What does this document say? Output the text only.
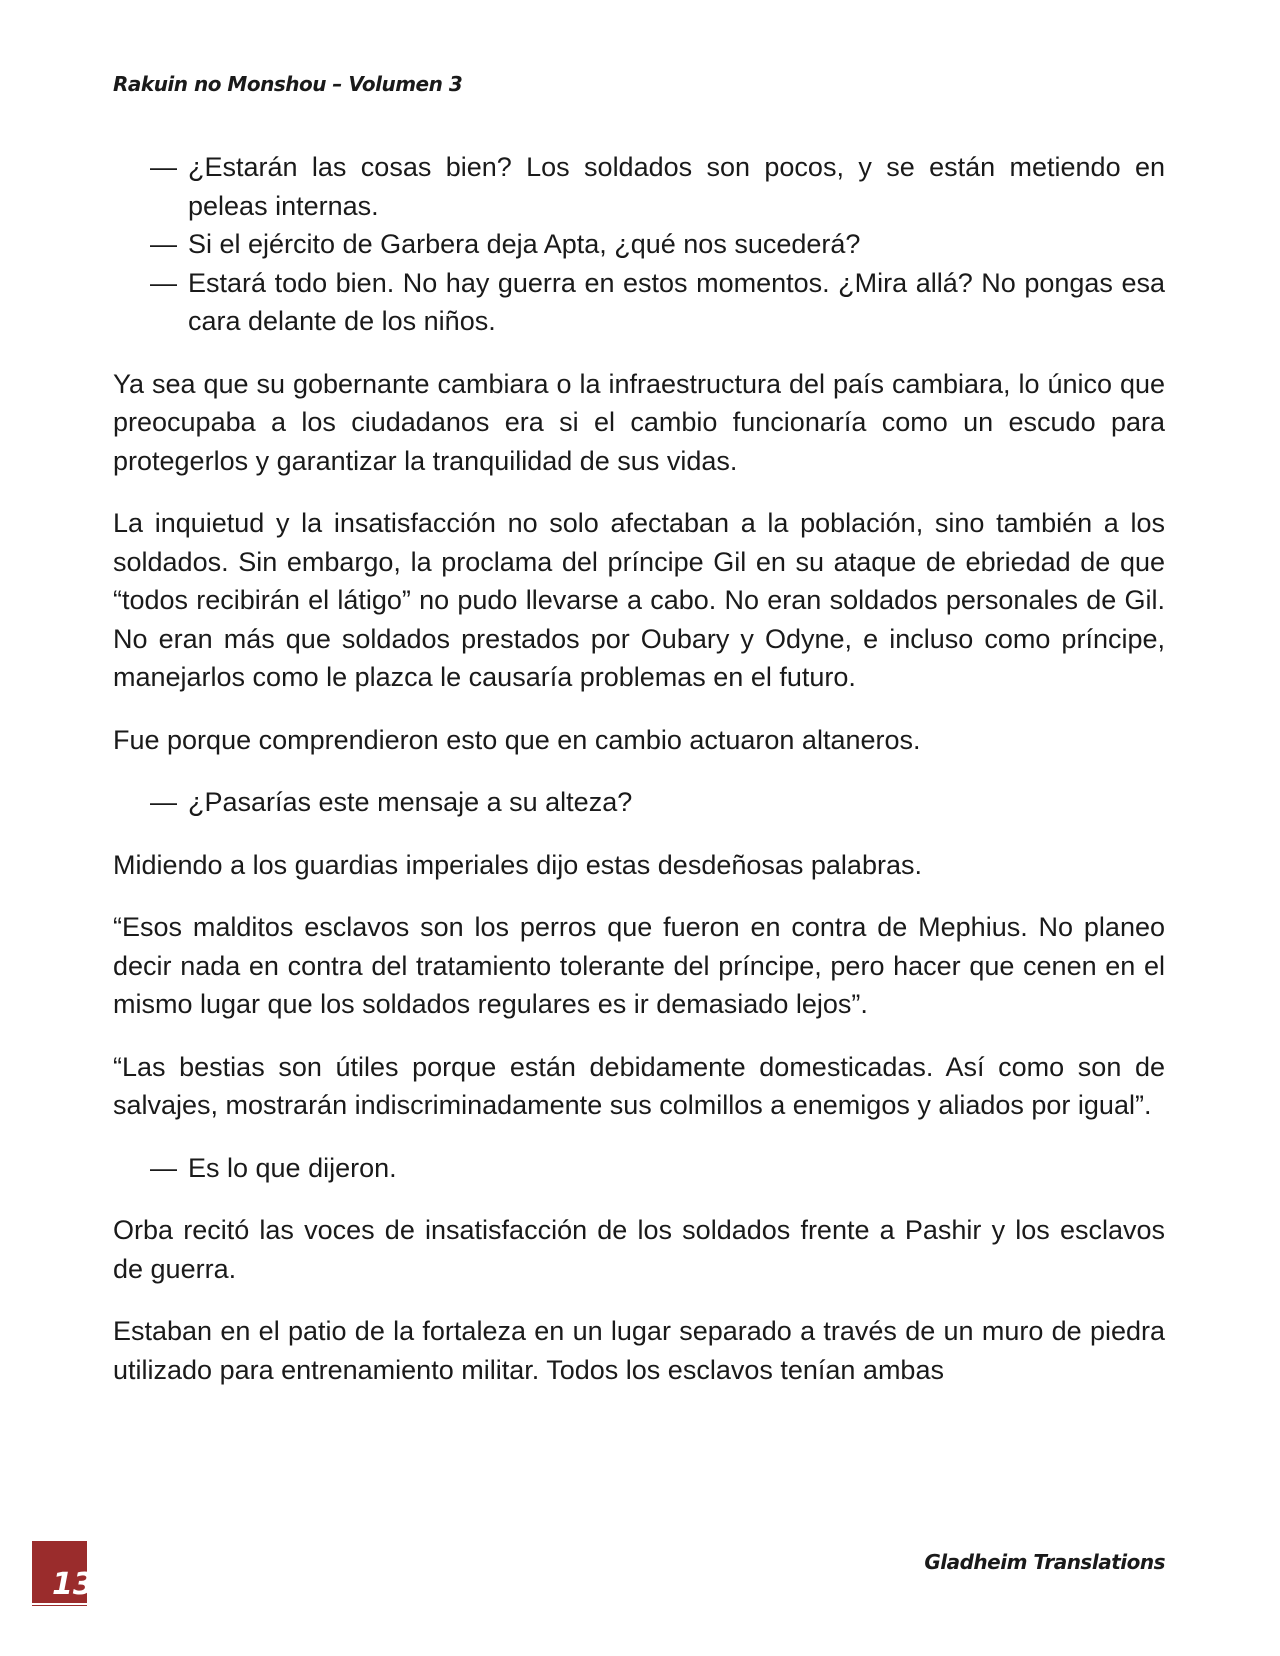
Rakuin no Monshou – Volumen 3
— ¿Estarán las cosas bien? Los soldados son pocos, y se están metiendo en peleas internas.
— Si el ejército de Garbera deja Apta, ¿qué nos sucederá?
— Estará todo bien. No hay guerra en estos momentos. ¿Mira allá? No pongas esa cara delante de los niños.

Ya sea que su gobernante cambiara o la infraestructura del país cambiara, lo único que preocupaba a los ciudadanos era si el cambio funcionaría como un escudo para protegerlos y garantizar la tranquilidad de sus vidas.

La inquietud y la insatisfacción no solo afectaban a la población, sino también a los soldados. Sin embargo, la proclama del príncipe Gil en su ataque de ebriedad de que “todos recibirán el látigo” no pudo llevarse a cabo. No eran soldados personales de Gil. No eran más que soldados prestados por Oubary y Odyne, e incluso como príncipe, manejarlos como le plazca le causaría problemas en el futuro.

Fue porque comprendieron esto que en cambio actuaron altaneros.

— ¿Pasarías este mensaje a su alteza?

Midiendo a los guardias imperiales dijo estas desdeñosas palabras.

“Esos malditos esclavos son los perros que fueron en contra de Mephius. No planeo decir nada en contra del tratamiento tolerante del príncipe, pero hacer que cenen en el mismo lugar que los soldados regulares es ir demasiado lejos”.

“Las bestias son útiles porque están debidamente domesticadas. Así como son de salvajes, mostrarán indiscriminadamente sus colmillos a enemigos y aliados por igual”.

— Es lo que dijeron.

Orba recitó las voces de insatisfacción de los soldados frente a Pashir y los esclavos de guerra.

Estaban en el patio de la fortaleza en un lugar separado a través de un muro de piedra utilizado para entrenamiento militar. Todos los esclavos tenían ambas

13
Gladheim Translations
